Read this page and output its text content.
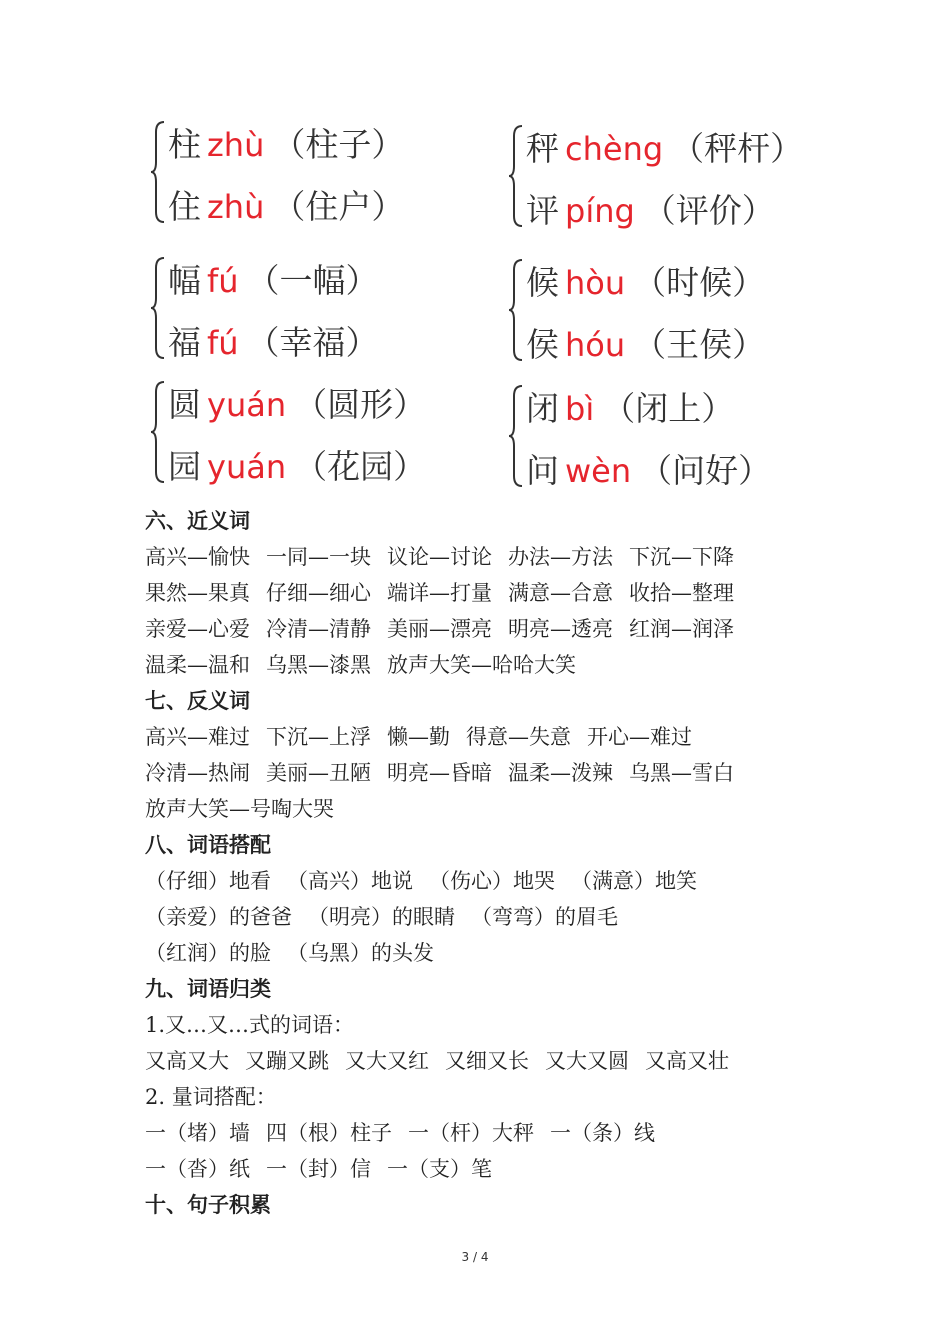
柱 zhù （柱子）
住 zhù （住户）
秤 chèng （秤杆）
评 píng （评价）
幅 fú （一幅）
福 fú （幸福）
候 hòu （时候）
侯 hóu （王侯）
圆 yuán （圆形）
园 yuán （花园）
闭 bì （闭上）
问 wèn （问好）
六、近义词
高兴—愉快 一同—一块 议论—讨论 办法—方法 下沉—下降
果然—果真 仔细—细心 端详—打量 满意—合意 收拾—整理
亲爱—心爱 冷清—清静 美丽—漂亮 明亮—透亮 红润—润泽
温柔—温和 乌黑—漆黑 放声大笑—哈哈大笑
七、反义词
高兴—难过 下沉—上浮 懒—勤 得意—失意 开心—难过
冷清—热闹 美丽—丑陋 明亮—昏暗 温柔—泼辣 乌黑—雪白
放声大笑—号啕大哭
八、词语搭配
（仔细）地看 （高兴）地说 （伤心）地哭 （满意）地笑
（亲爱）的爸爸 （明亮）的眼睛 （弯弯）的眉毛
（红润）的脸 （乌黑）的头发
九、词语归类
1.又…又…式的词语：
又高又大 又蹦又跳 又大又红 又细又长 又大又圆 又高又壮
2. 量词搭配：
一（堵）墙 四（根）柱子 一（杆）大秤 一（条）线
一（沓）纸 一（封）信 一（支）笔
十、句子积累
3 / 4
